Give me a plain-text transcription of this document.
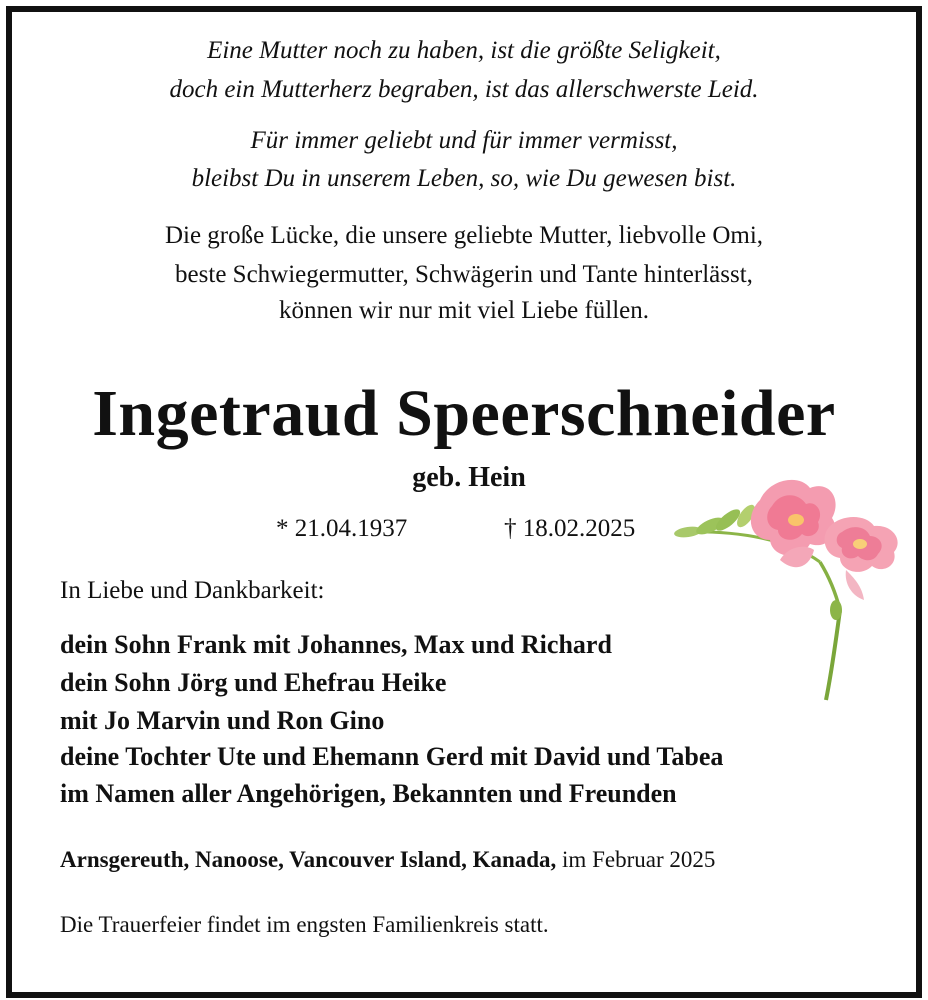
Eine Mutter noch zu haben, ist die größte Seligkeit,
doch ein Mutterherz begraben, ist das allerschwerste Leid.
Für immer geliebt und für immer vermisst,
bleibst Du in unserem Leben, so, wie Du gewesen bist.
Die große Lücke, die unsere geliebte Mutter, liebvolle Omi,
beste Schwiegermutter, Schwägerin und Tante hinterlässt,
können wir nur mit viel Liebe füllen.
Ingetraud Speerschneider
geb. Hein
* 21.04.1937	† 18.02.2025
In Liebe und Dankbarkeit:
dein Sohn Frank mit Johannes, Max und Richard
dein Sohn Jörg und Ehefrau Heike
mit Jo Marvin und Ron Gino
deine Tochter Ute und Ehemann Gerd mit David und Tabea
im Namen aller Angehörigen, Bekannten und Freunden
Arnsgereuth, Nanoose, Vancouver Island, Kanada, im Februar 2025
Die Trauerfeier findet im engsten Familienkreis statt.
